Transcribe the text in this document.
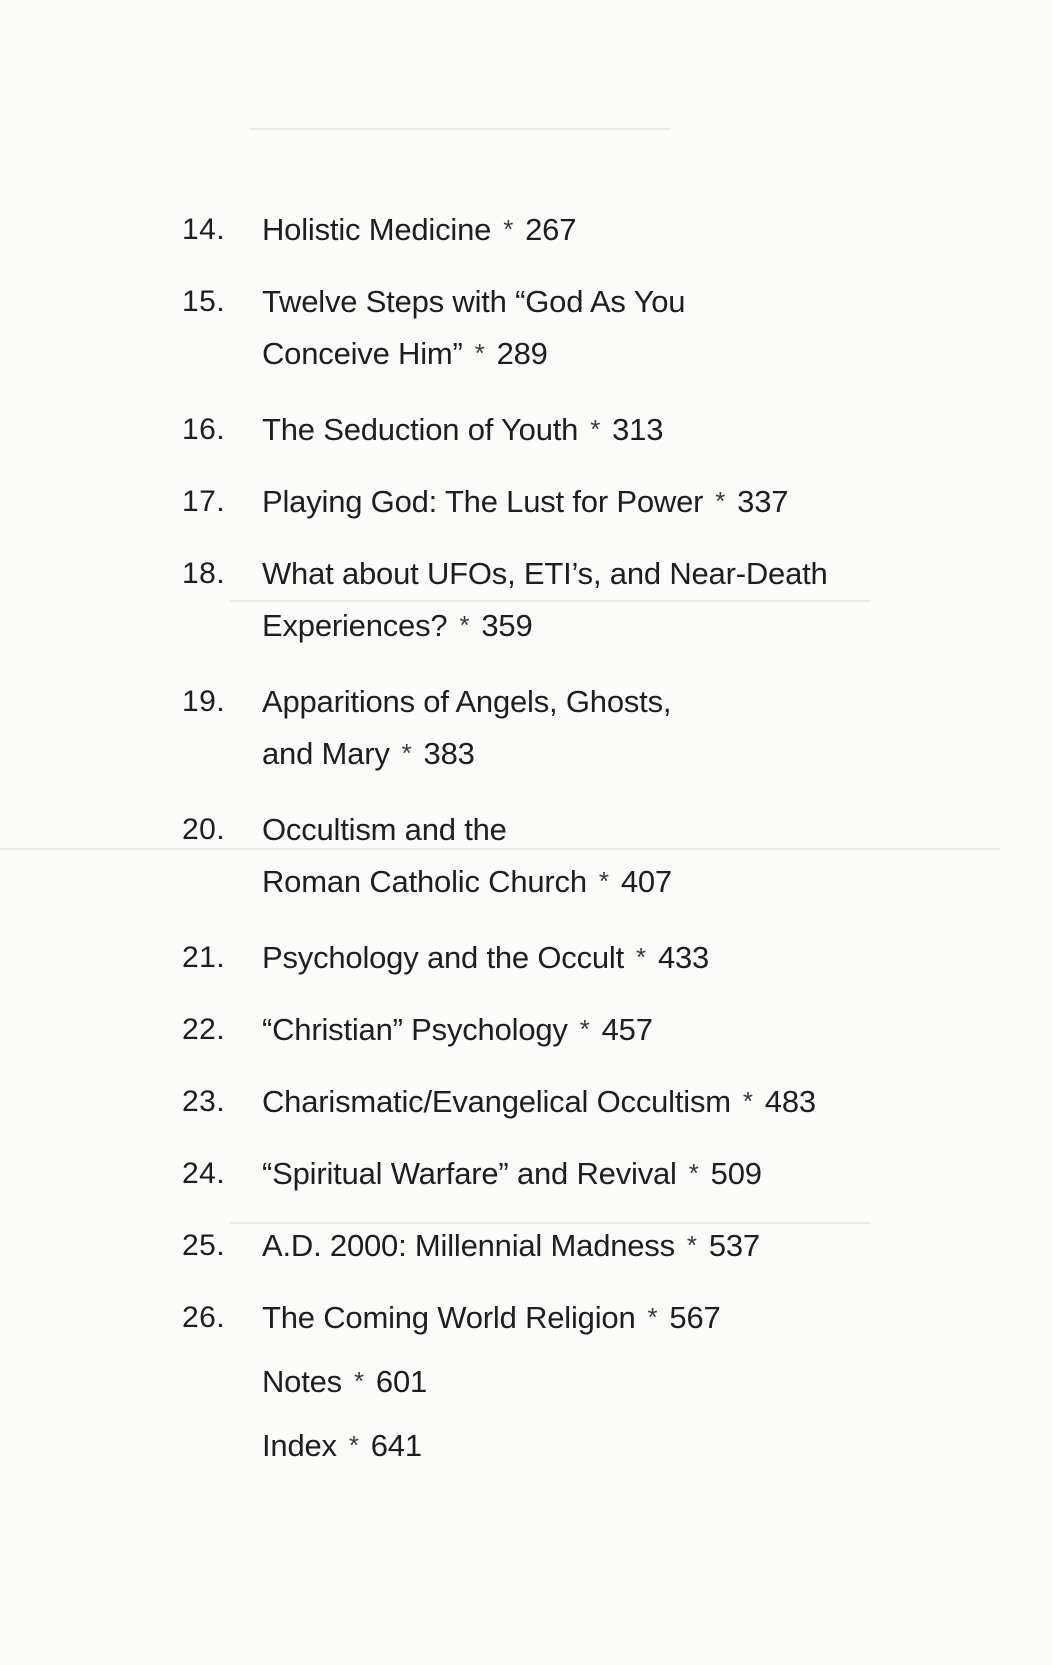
14. Holistic Medicine * 267
15. Twelve Steps with “God As You
Conceive Him” * 289
16. The Seduction of Youth * 313
17. Playing God: The Lust for Power * 337
18. What about UFOs, ETI’s, and Near-Death
Experiences? * 359
19. Apparitions of Angels, Ghosts,
and Mary * 383
20. Occultism and the
Roman Catholic Church * 407
21. Psychology and the Occult * 433
22. “Christian” Psychology * 457
23. Charismatic/Evangelical Occultism * 483
24. “Spiritual Warfare” and Revival * 509
25. A.D. 2000: Millennial Madness * 537
26. The Coming World Religion * 567
Notes * 601
Index * 641
